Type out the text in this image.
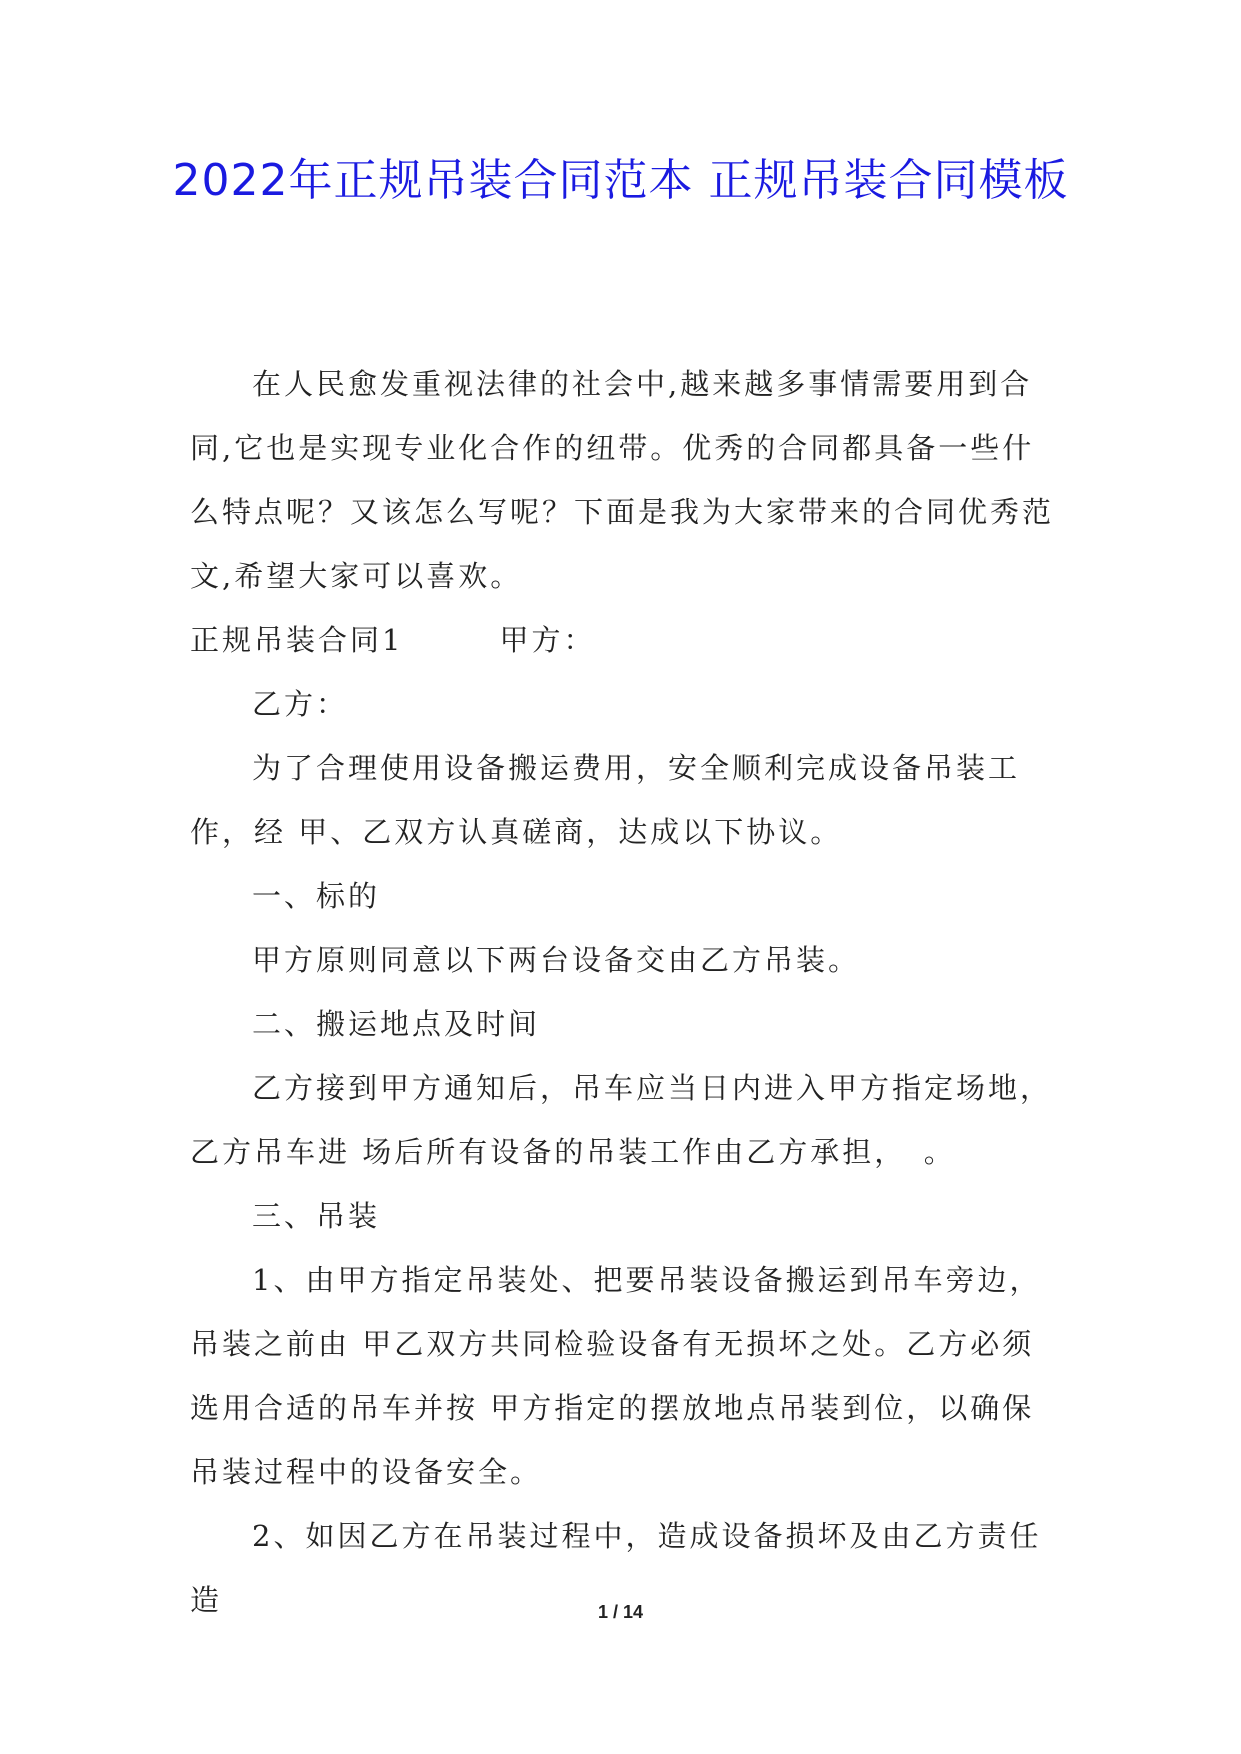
2022年正规吊装合同范本 正规吊装合同模板

在人民愈发重视法律的社会中,越来越多事情需要用到合同,它也是实现专业化合作的纽带。优秀的合同都具备一些什么特点呢？又该怎么写呢？下面是我为大家带来的合同优秀范文,希望大家可以喜欢。

正规吊装合同1　　　甲方：

乙方：

为了合理使用设备搬运费用，安全顺利完成设备吊装工作，经 甲、乙双方认真磋商，达成以下协议。

一、标的

甲方原则同意以下两台设备交由乙方吊装。

二、搬运地点及时间

乙方接到甲方通知后，吊车应当日内进入甲方指定场地，乙方吊车进 场后所有设备的吊装工作由乙方承担，　。

三、吊装

1、由甲方指定吊装处、把要吊装设备搬运到吊车旁边，吊装之前由 甲乙双方共同检验设备有无损坏之处。乙方必须选用合适的吊车并按 甲方指定的摆放地点吊装到位，以确保吊装过程中的设备安全。

2、如因乙方在吊装过程中，造成设备损坏及由乙方责任造	1 / 14
